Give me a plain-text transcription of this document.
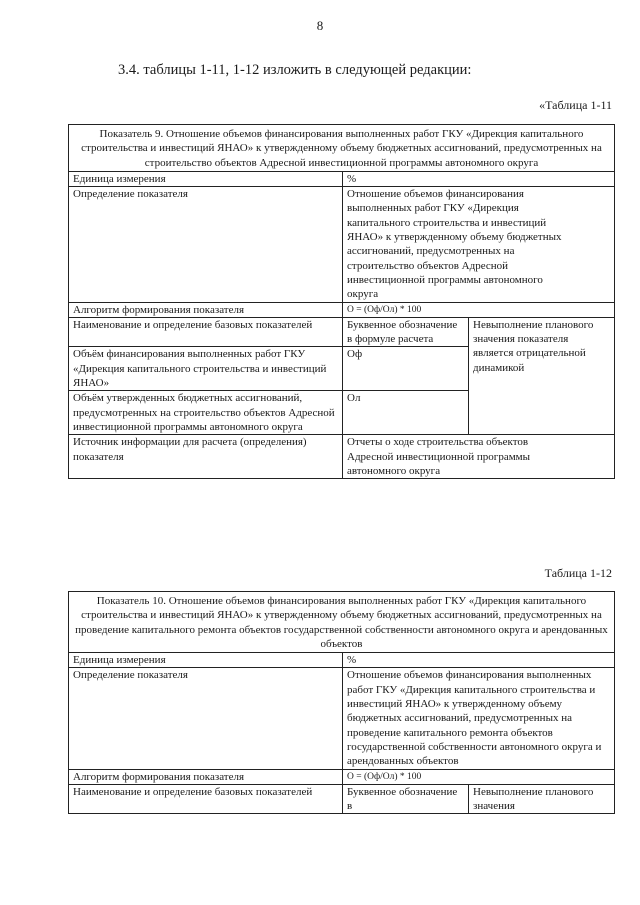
8
3.4. таблицы 1-11, 1-12 изложить в следующей редакции:
«Таблица 1-11
Показатель 9. Отношение объемов финансирования выполненных работ ГКУ «Дирекция капитального строительства и инвестиций ЯНАО» к утвержденному объему бюджетных ассигнований, предусмотренных на строительство объектов Адресной инвестиционной программы автономного округа		
Единица измерения	%	
Определение показателя	Отношение объемов финансирования выполненных работ ГКУ «Дирекция капитального строительства и инвестиций ЯНАО» к утвержденному объему бюджетных ассигнований, предусмотренных на строительство объектов Адресной инвестиционной программы автономного округа	
Алгоритм формирования показателя	О = (Оф/Ол) * 100	
Наименование и определение базовых показателей	Буквенное обозначение в формуле расчета	Невыполнение планового значения показателя является отрицательной динамикой
Объём финансирования выполненных работ ГКУ «Дирекция капитального строительства и инвестиций ЯНАО»	Оф	
Объём утвержденных бюджетных ассигнований, предусмотренных на строительство объектов Адресной инвестиционной программы автономного округа	Ол	
Источник информации для расчета (определения) показателя	Отчеты о ходе строительства объектов Адресной инвестиционной программы автономного округа	
Таблица 1-12
Показатель 10. Отношение объемов финансирования выполненных работ ГКУ «Дирекция капитального строительства и инвестиций ЯНАО» к утвержденному объему бюджетных ассигнований, предусмотренных на проведение капитального ремонта объектов государственной собственности автономного округа и арендованных объектов		
Единица измерения	%	
Определение показателя	Отношение объемов финансирования выполненных работ ГКУ «Дирекция капитального строительства и инвестиций ЯНАО» к утвержденному объему бюджетных ассигнований, предусмотренных на проведение капитального ремонта объектов государственной собственности автономного округа и арендованных объектов	
Алгоритм формирования показателя	О = (Оф/Ол) * 100	
Наименование и определение базовых показателей	Буквенное обозначение в	Невыполнение планового значения
